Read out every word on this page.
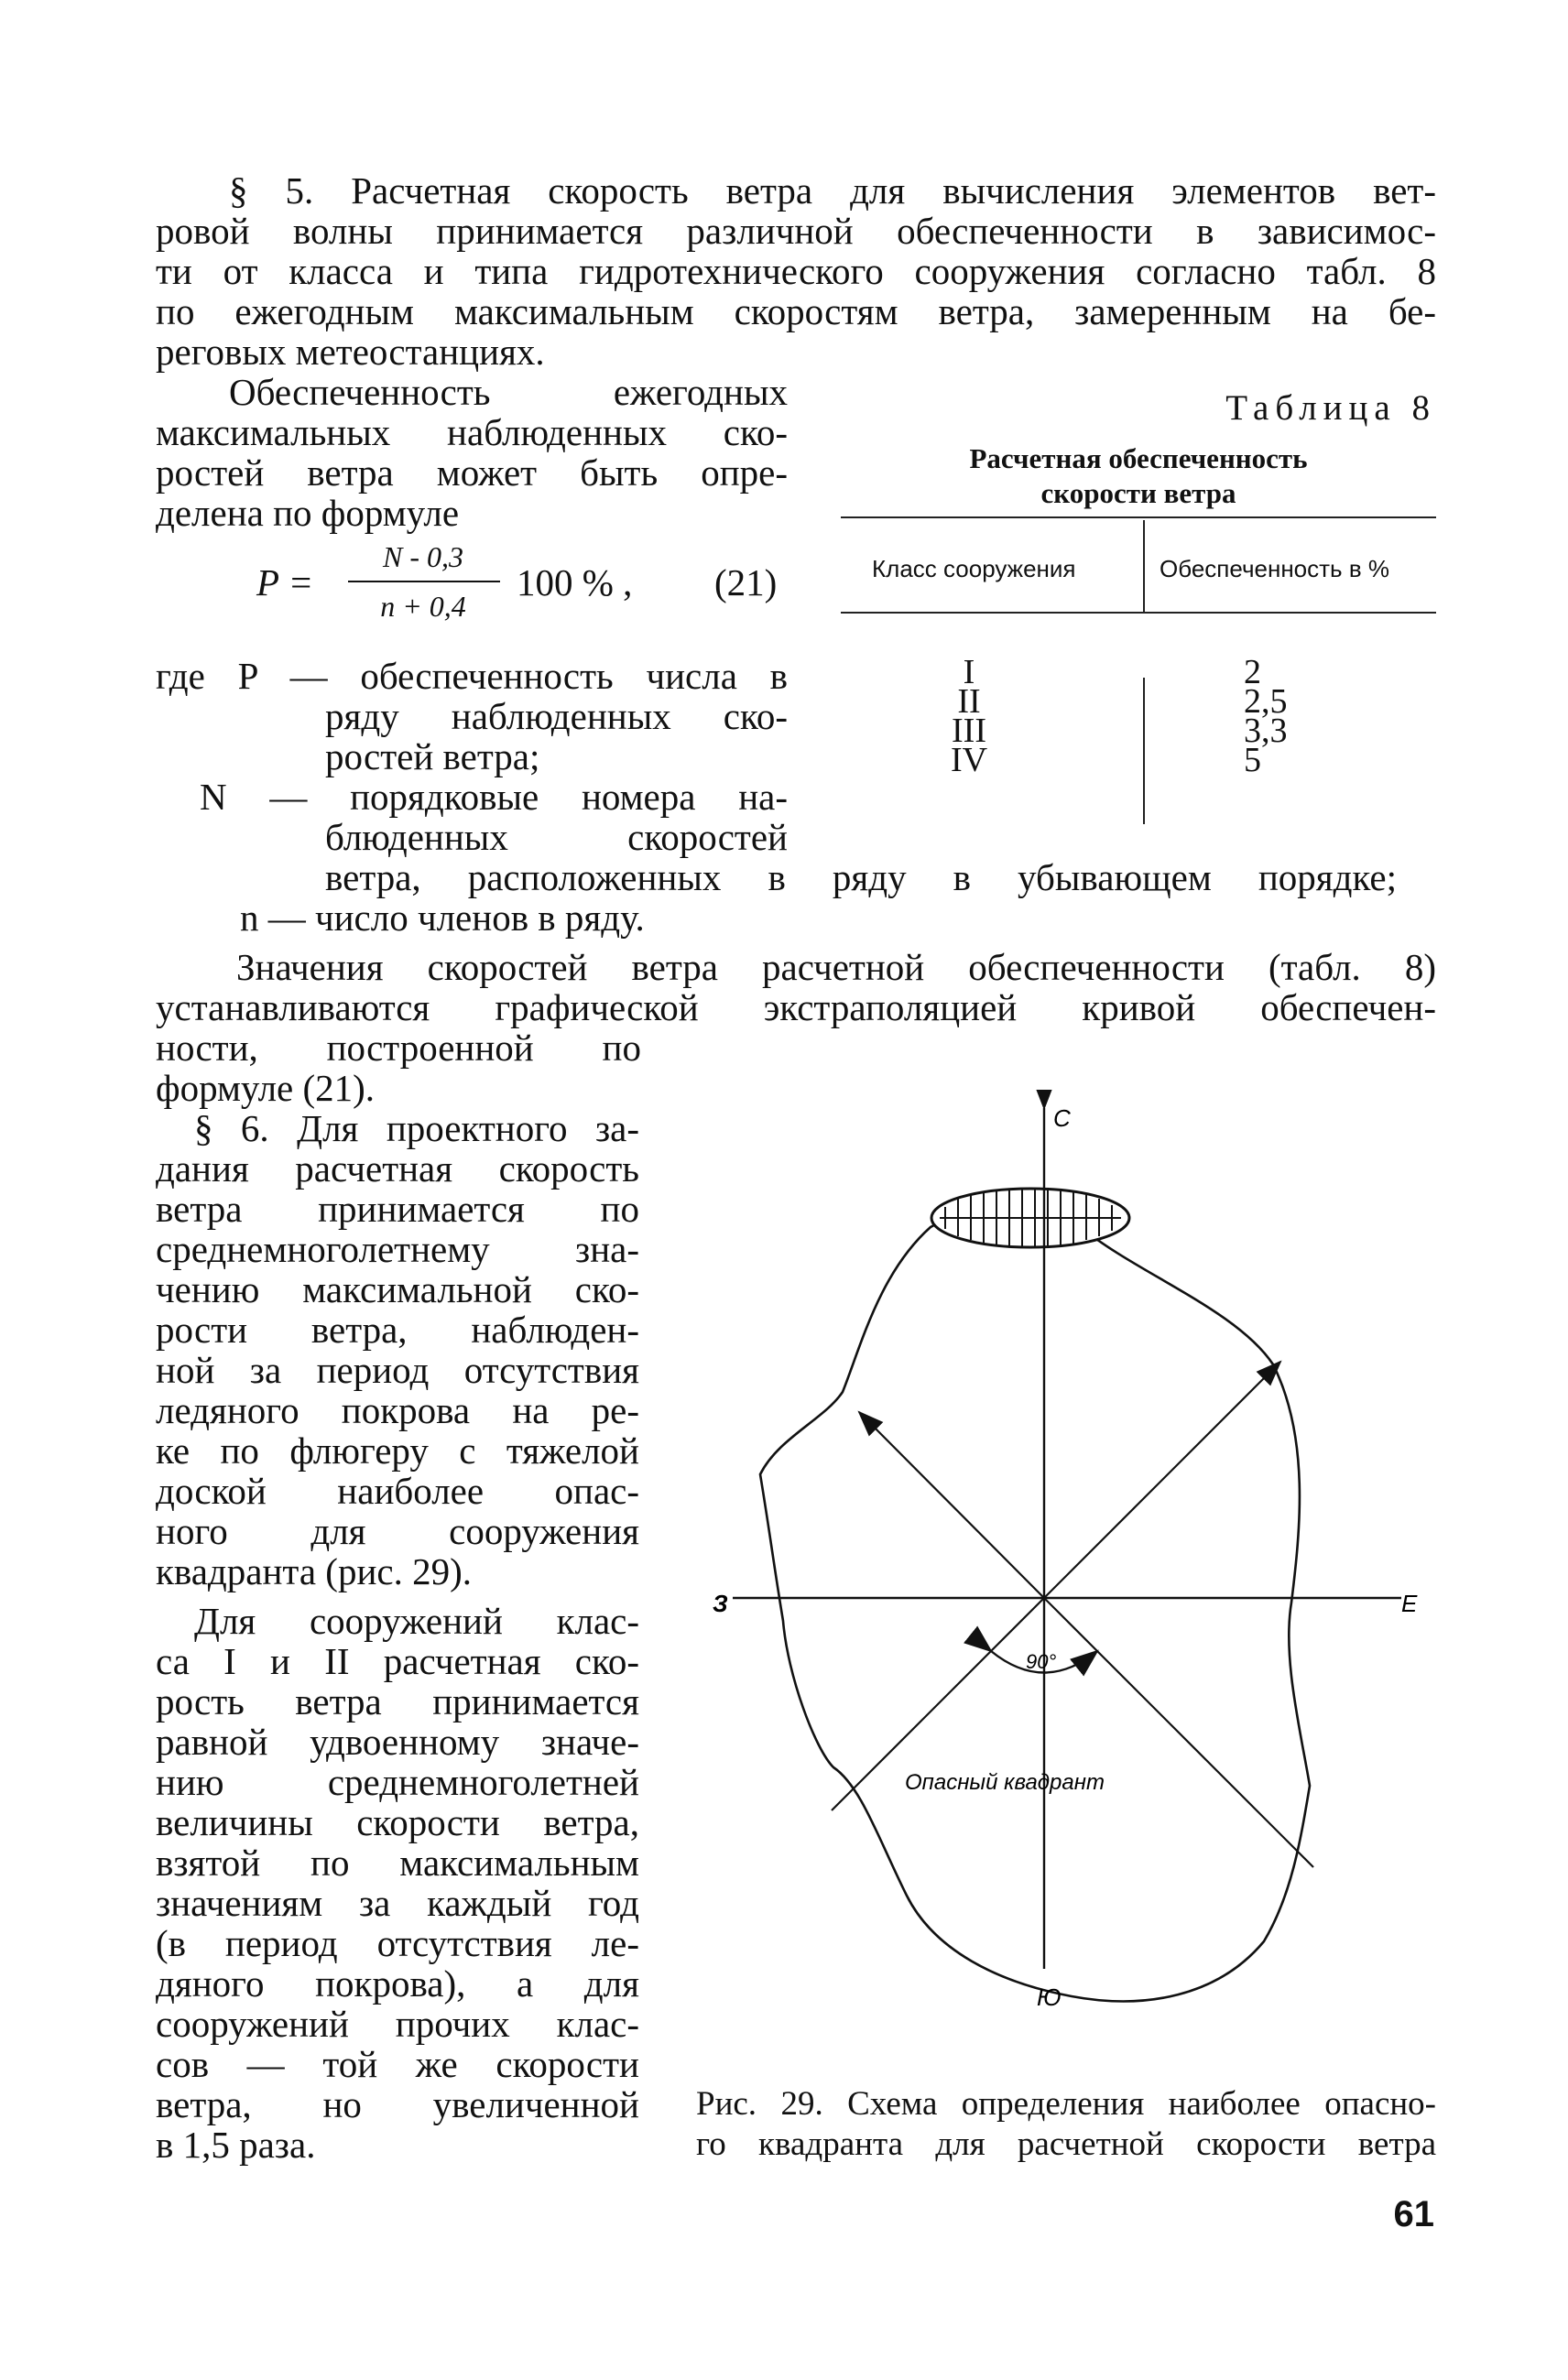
§ 5. Расчетная скорость ветра для вычисления элементов вет-
ровой волны принимается различной обеспеченности в зависимос-
ти от класса и типа гидротехнического сооружения согласно табл. 8
по ежегодным максимальным скоростям ветра, замеренным на бе-
реговых метеостанциях.
Обеспеченность ежегодных
максимальных наблюденных ско-
ростей ветра может быть опре-
делена по формуле
P =
N - 0,3
n + 0,4
100 % , (21)
где P — обеспеченность числа в
ряду наблюденных ско-
ростей ветра;
N — порядковые номера на-
блюденных скоростей
ветра, расположенных в ряду в убывающем порядке;
n — число членов в ряду.
Таблица 8
Расчетная обеспеченность
скорости ветра
Класс сооружения	Обеспеченность в %
I	2
II	2,5
III	3,3
IV	5
Значения скоростей ветра расчетной обеспеченности (табл. 8)
устанавливаются графической экстраполяцией кривой обеспечен-
ности, построенной по
формуле (21).
§ 6. Для проектного за-
дания расчетная скорость
ветра принимается по
среднемноголетнему зна-
чению максимальной ско-
рости ветра, наблюден-
ной за период отсутствия
ледяного покрова на ре-
ке по флюгеру с тяжелой
доской наиболее опас-
ного для сооружения
квадранта (рис. 29).
Для сооружений клас-
са I и II расчетная ско-
рость ветра принимается
равной удвоенному значе-
нию среднемноголетней
величины скорости ветра,
взятой по максимальным
значениям за каждый год
(в период отсутствия ле-
дяного покрова), а для
сооружений прочих клас-
сов — той же скорости
ветра, но увеличенной
в 1,5 раза.
С
Ю
З	Е
90°
Опасный квадрант
Рис. 29. Схема определения наиболее опасно-
го квадранта для расчетной скорости ветра
61
